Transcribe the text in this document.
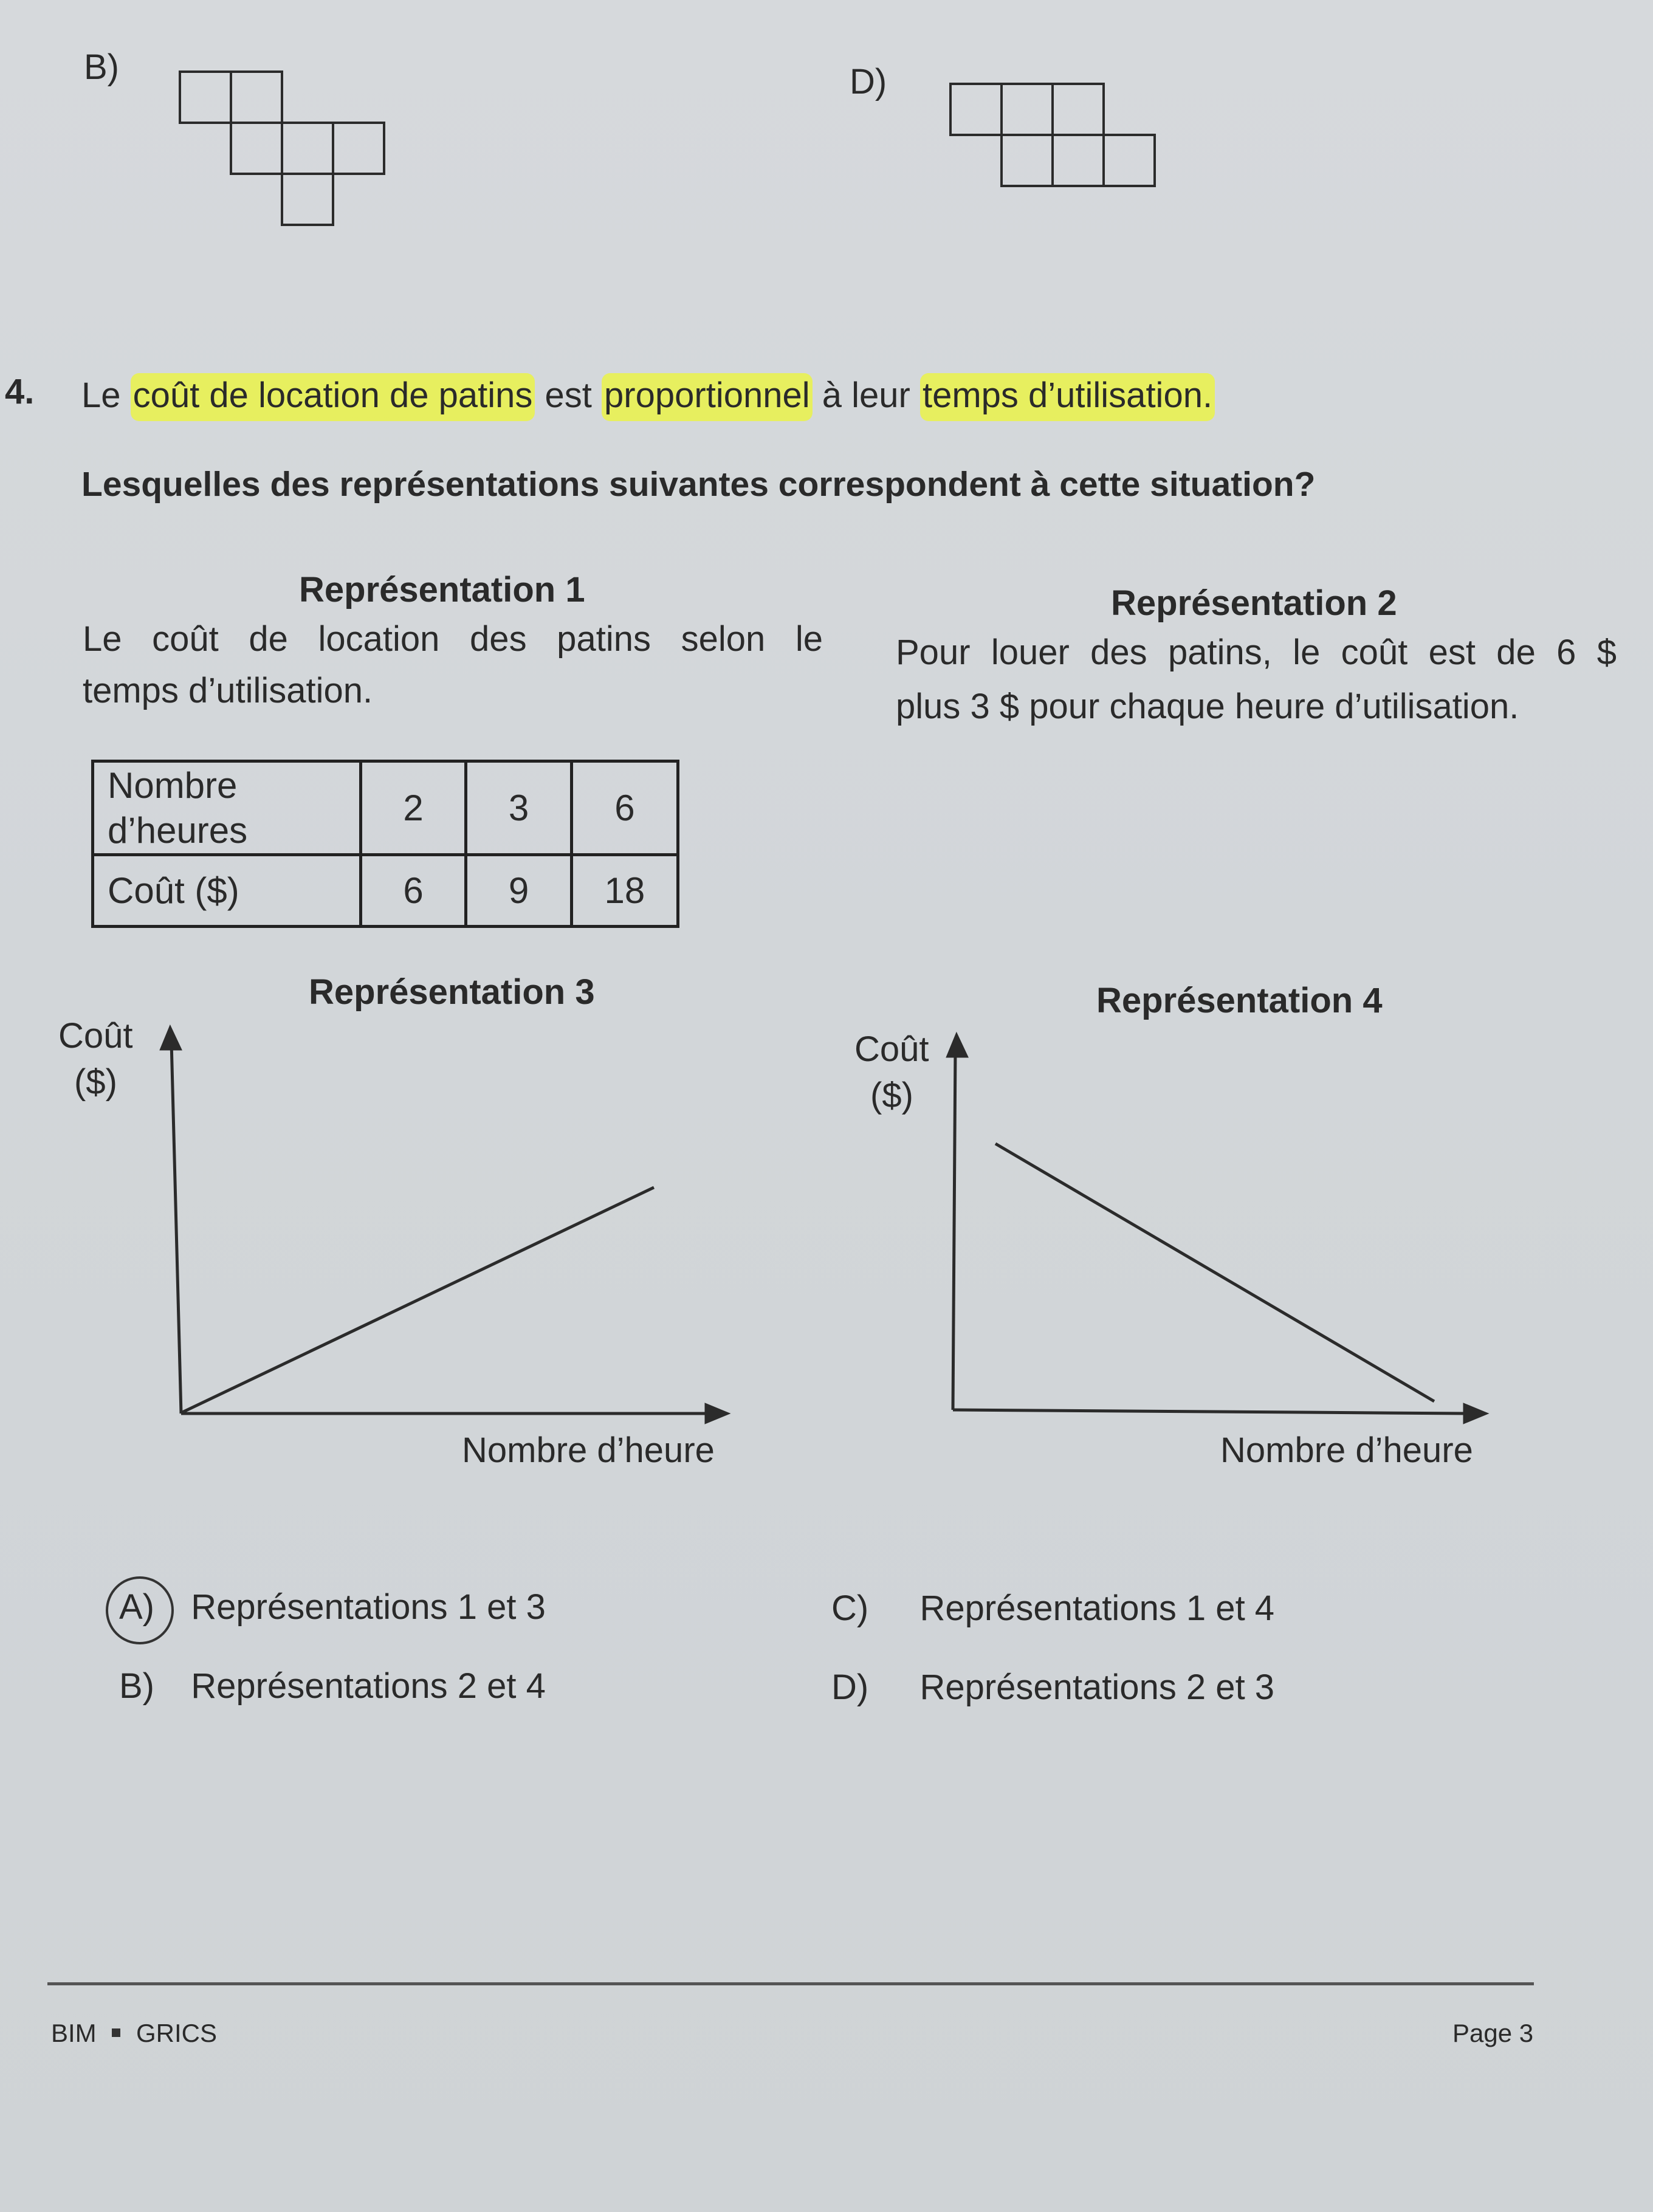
B)	D)
4. Le coût de location de patins est proportionnel à leur temps d’utilisation.
Lesquelles des représentations suivantes correspondent à cette situation?
Représentation 1
Le coût de location des patins selon le
temps d’utilisation.
Nombre
d’heures	2	3	6
Coût ($)	6	9	18
Représentation 2
Pour louer des patins, le coût est de 6 $
plus 3 $ pour chaque heure d’utilisation.
Représentation 3
Coût
($)
Nombre d’heure
Représentation 4
Coût
($)
Nombre d’heure
A) Représentations 1 et 3
B) Représentations 2 et 4
C) Représentations 1 et 4
D) Représentations 2 et 3
BIM GRICS	Page 3
